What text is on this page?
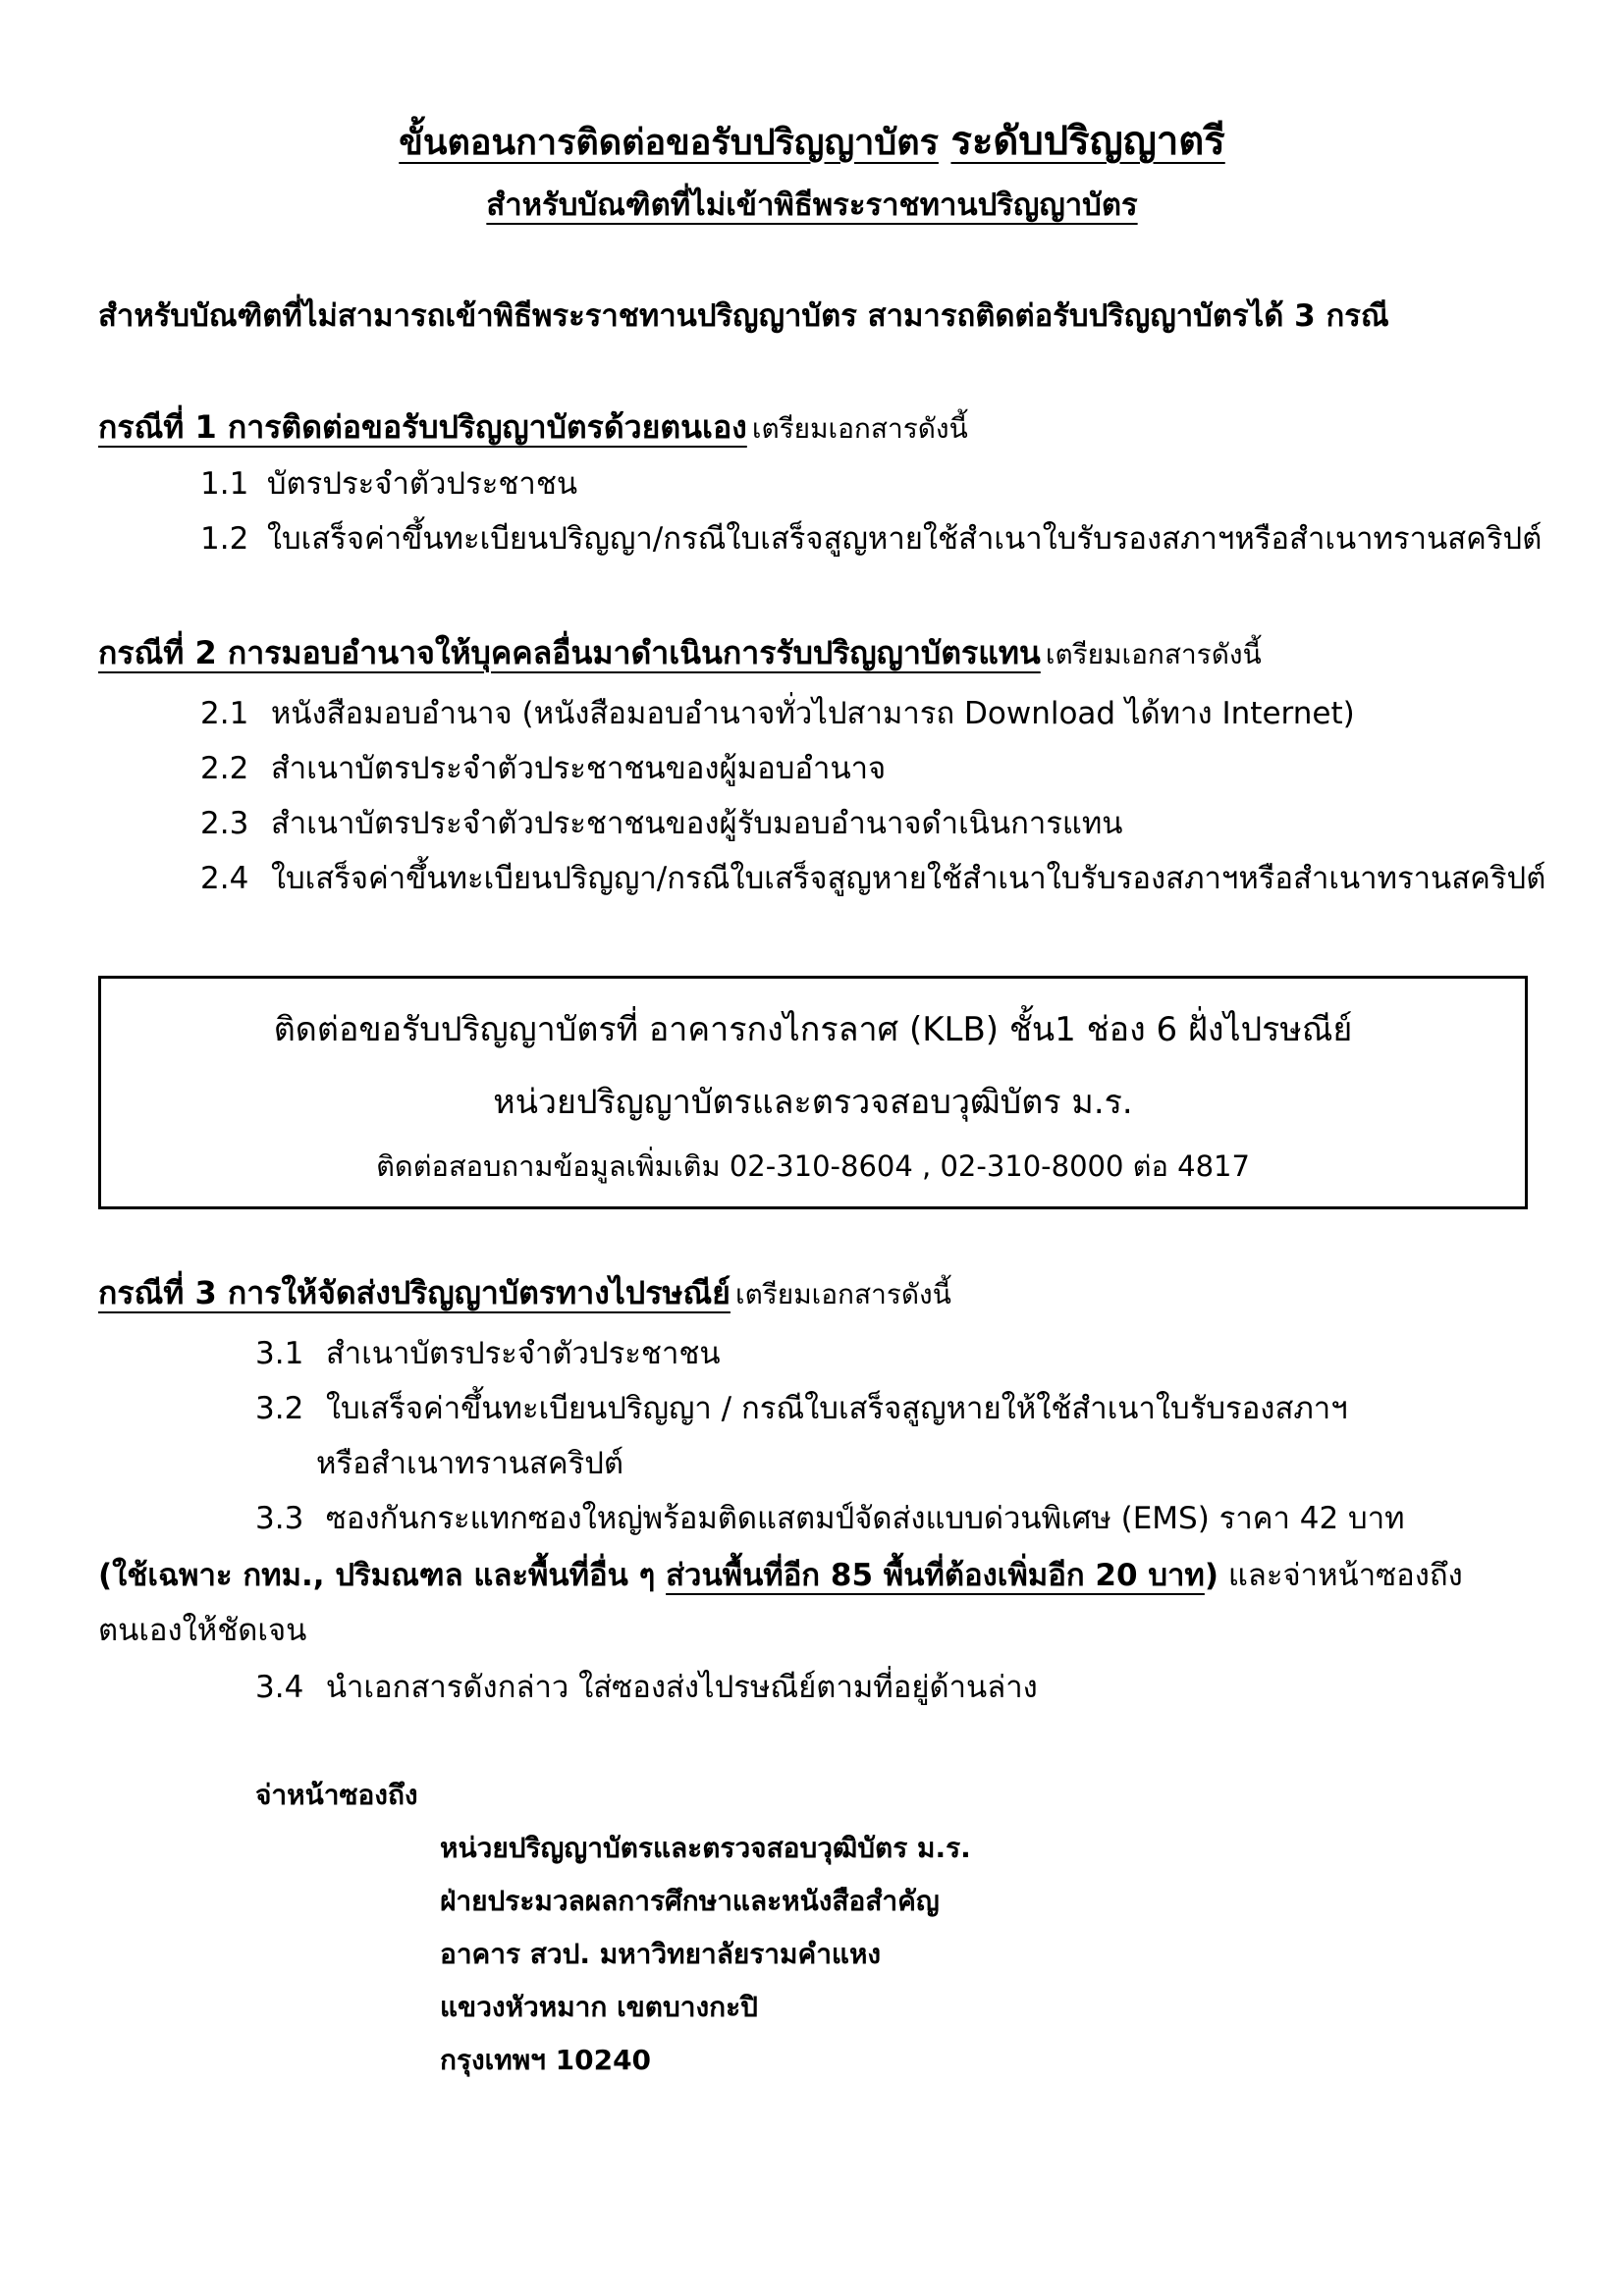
ขั้นตอนการติดต่อขอรับปริญญาบัตร ระดับปริญญาตรี
สำหรับบัณฑิตที่ไม่เข้าพิธีพระราชทานปริญญาบัตร
สำหรับบัณฑิตที่ไม่สามารถเข้าพิธีพระราชทานปริญญาบัตร สามารถติดต่อรับปริญญาบัตรได้ 3 กรณี
กรณีที่ 1 การติดต่อขอรับปริญญาบัตรด้วยตนเอง เตรียมเอกสารดังนี้
1.1 บัตรประจำตัวประชาชน
1.2 ใบเสร็จค่าขึ้นทะเบียนปริญญา/กรณีใบเสร็จสูญหายใช้สำเนาใบรับรองสภาฯหรือสำเนาทรานสคริปต์
กรณีที่ 2 การมอบอำนาจให้บุคคลอื่นมาดำเนินการรับปริญญาบัตรแทน เตรียมเอกสารดังนี้
2.1 หนังสือมอบอำนาจ (หนังสือมอบอำนาจทั่วไปสามารถ Download ได้ทาง Internet)
2.2 สำเนาบัตรประจำตัวประชาชนของผู้มอบอำนาจ
2.3 สำเนาบัตรประจำตัวประชาชนของผู้รับมอบอำนาจดำเนินการแทน
2.4 ใบเสร็จค่าขึ้นทะเบียนปริญญา/กรณีใบเสร็จสูญหายใช้สำเนาใบรับรองสภาฯหรือสำเนาทรานสคริปต์
ติดต่อขอรับปริญญาบัตรที่ อาคารกงไกรลาศ (KLB) ชั้น1 ช่อง 6 ฝั่งไปรษณีย์
หน่วยปริญญาบัตรและตรวจสอบวุฒิบัตร ม.ร.
ติดต่อสอบถามข้อมูลเพิ่มเติม 02-310-8604 , 02-310-8000 ต่อ 4817
กรณีที่ 3 การให้จัดส่งปริญญาบัตรทางไปรษณีย์ เตรียมเอกสารดังนี้
3.1 สำเนาบัตรประจำตัวประชาชน
3.2 ใบเสร็จค่าขึ้นทะเบียนปริญญา / กรณีใบเสร็จสูญหายให้ใช้สำเนาใบรับรองสภาฯ
หรือสำเนาทรานสคริปต์
3.3 ซองกันกระแทกซองใหญ่พร้อมติดแสตมป์จัดส่งแบบด่วนพิเศษ (EMS) ราคา 42 บาท
(ใช้เฉพาะ กทม., ปริมณฑล และพื้นที่อื่น ๆ ส่วนพื้นที่อีก 85 พื้นที่ต้องเพิ่มอีก 20 บาท) และจ่าหน้าซองถึง
ตนเองให้ชัดเจน
3.4 นำเอกสารดังกล่าว ใส่ซองส่งไปรษณีย์ตามที่อยู่ด้านล่าง
จ่าหน้าซองถึง
หน่วยปริญญาบัตรและตรวจสอบวุฒิบัตร ม.ร.
ฝ่ายประมวลผลการศึกษาและหนังสือสำคัญ
อาคาร สวป. มหาวิทยาลัยรามคำแหง
แขวงหัวหมาก เขตบางกะปิ
กรุงเทพฯ 10240
